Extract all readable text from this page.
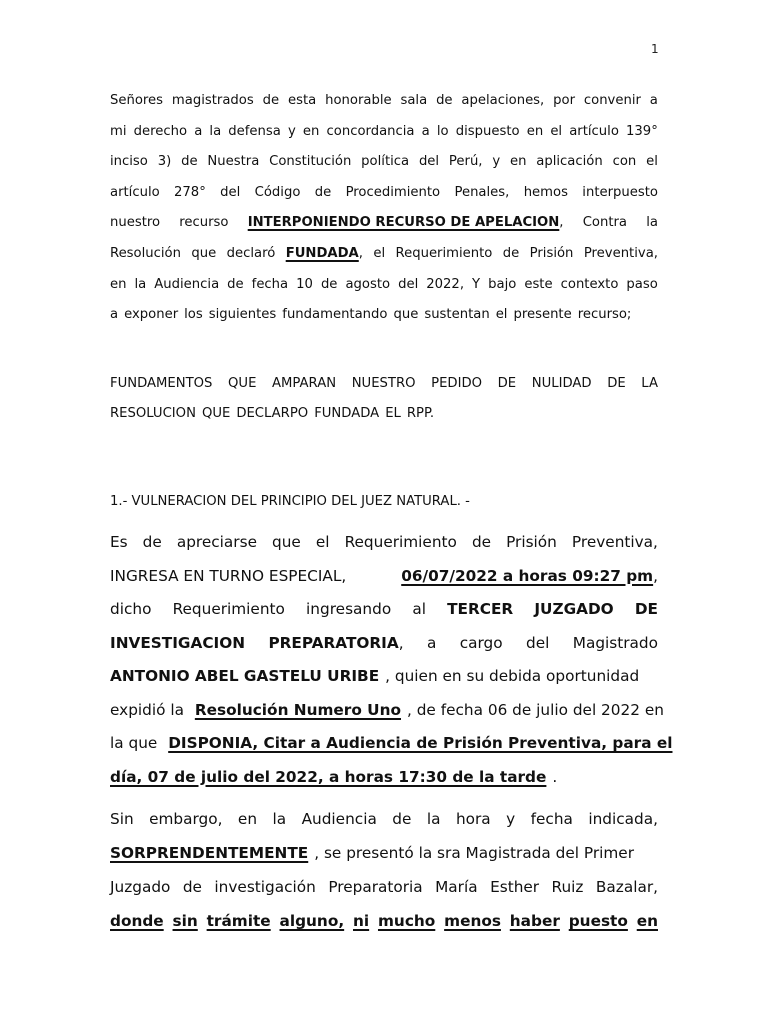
1
Señores magistrados de esta honorable sala de apelaciones, por convenir a
mi derecho a la defensa y en concordancia a lo dispuesto en el artículo 139°
inciso 3) de Nuestra Constitución política del Perú, y en aplicación con el
artículo 278° del Código de Procedimiento Penales, hemos interpuesto
nuestro recurso INTERPONIENDO RECURSO DE APELACION, Contra la
Resolución que declaró FUNDADA, el Requerimiento de Prisión Preventiva,
en la Audiencia de fecha 10 de agosto del 2022, Y bajo este contexto paso
a exponer los siguientes fundamentando que sustentan el presente recurso;
FUNDAMENTOS QUE AMPARAN NUESTRO PEDIDO DE NULIDAD DE LA
RESOLUCION QUE DECLARPO FUNDADA EL RPP.
1.- VULNERACION DEL PRINCIPIO DEL JUEZ NATURAL. -
Es de apreciarse que el Requerimiento de Prisión Preventiva,
INGRESA EN TURNO ESPECIAL,	06/07/2022 a horas 09:27 pm,
dicho Requerimiento ingresando al TERCER JUZGADO DE
INVESTIGACION PREPARATORIA, a cargo del Magistrado
ANTONIO ABEL GASTELU URIBE , quien en su debida oportunidad
expidió la Resolución Numero Uno , de fecha 06 de julio del 2022 en
la que DISPONIA, Citar a Audiencia de Prisión Preventiva, para el
día, 07 de julio del 2022, a horas 17:30 de la tarde .
Sin embargo, en la Audiencia de la hora y fecha indicada,
SORPRENDENTEMENTE , se presentó la sra Magistrada del Primer
Juzgado de investigación Preparatoria María Esther Ruiz Bazalar,
donde sin trámite alguno, ni mucho menos haber puesto en
